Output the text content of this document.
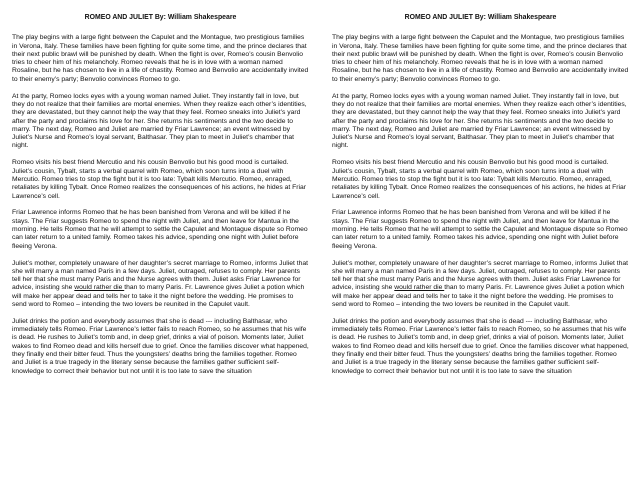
ROMEO AND JULIET By: William Shakespeare

The play begins with a large fight between the Capulet and the Montague, two prestigious families in Verona, Italy. These families have been fighting for quite some time, and the prince declares that their next public brawl will be punished by death. When the fight is over, Romeo’s cousin Benvolio tries to cheer him of his melancholy. Romeo reveals that he is in love with a woman named Rosaline, but he has chosen to live in a life of chastity. Romeo and Benvolio are accidentally invited to their enemy’s party; Benvolio convinces Romeo to go.

At the party, Romeo locks eyes with a young woman named Juliet. They instantly fall in love, but they do not realize that their families are mortal enemies. When they realize each other’s identities, they are devastated, but they cannot help the way that they feel. Romeo sneaks into Juliet’s yard after the party and proclaims his love for her. She returns his sentiments and the two decide to marry. The next day, Romeo and Juliet are married by Friar Lawrence; an event witnessed by Juliet’s Nurse and Romeo’s loyal servant, Balthasar. They plan to meet in Juliet’s chamber that night.

Romeo visits his best friend Mercutio and his cousin Benvolio but his good mood is curtailed. Juliet’s cousin, Tybalt, starts a verbal quarrel with Romeo, which soon turns into a duel with Mercutio. Romeo tries to stop the fight but it is too late: Tybalt kills Mercutio. Romeo, enraged, retaliates by killing Tybalt. Once Romeo realizes the consequences of his actions, he hides at Friar Lawrence’s cell.

Friar Lawrence informs Romeo that he has been banished from Verona and will be killed if he stays. The Friar suggests Romeo to spend the night with Juliet, and then leave for Mantua in the morning. He tells Romeo that he will attempt to settle the Capulet and Montague dispute so Romeo can later return to a united family. Romeo takes his advice, spending one night with Juliet before fleeing Verona.

Juliet’s mother, completely unaware of her daughter’s secret marriage to Romeo, informs Juliet that she will marry a man named Paris in a few days. Juliet, outraged, refuses to comply. Her parents tell her that she must marry Paris and the Nurse agrees with them. Juliet asks Friar Lawrence for advice, insisting she would rather die than to marry Paris. Fr. Lawrence gives Juliet a potion which will make her appear dead and tells her to take it the night before the wedding. He promises to send word to Romeo – intending the two lovers be reunited in the Capulet vault.

Juliet drinks the potion and everybody assumes that she is dead --- including Balthasar, who immediately tells Romeo. Friar Lawrence’s letter fails to reach Romeo, so he assumes that his wife is dead. He rushes to Juliet’s tomb and, in deep grief, drinks a vial of poison. Moments later, Juliet wakes to find Romeo dead and kills herself due to grief. Once the families discover what happened, they finally end their bitter feud. Thus the youngsters’ deaths bring the families together. Romeo and Juliet is a true tragedy in the literary sense because the families gather sufficient self-knowledge to correct their behavior but not until it is too late to save the situation

ROMEO AND JULIET By: William Shakespeare

The play begins with a large fight between the Capulet and the Montague, two prestigious families in Verona, Italy. These families have been fighting for quite some time, and the prince declares that their next public brawl will be punished by death. When the fight is over, Romeo’s cousin Benvolio tries to cheer him of his melancholy. Romeo reveals that he is in love with a woman named Rosaline, but he has chosen to live in a life of chastity. Romeo and Benvolio are accidentally invited to their enemy’s party; Benvolio convinces Romeo to go.

At the party, Romeo locks eyes with a young woman named Juliet. They instantly fall in love, but they do not realize that their families are mortal enemies. When they realize each other’s identities, they are devastated, but they cannot help the way that they feel. Romeo sneaks into Juliet’s yard after the party and proclaims his love for her. She returns his sentiments and the two decide to marry. The next day, Romeo and Juliet are married by Friar Lawrence; an event witnessed by Juliet’s Nurse and Romeo’s loyal servant, Balthasar. They plan to meet in Juliet’s chamber that night.

Romeo visits his best friend Mercutio and his cousin Benvolio but his good mood is curtailed. Juliet’s cousin, Tybalt, starts a verbal quarrel with Romeo, which soon turns into a duel with Mercutio. Romeo tries to stop the fight but it is too late: Tybalt kills Mercutio. Romeo, enraged, retaliates by killing Tybalt. Once Romeo realizes the consequences of his actions, he hides at Friar Lawrence’s cell.

Friar Lawrence informs Romeo that he has been banished from Verona and will be killed if he stays. The Friar suggests Romeo to spend the night with Juliet, and then leave for Mantua in the morning. He tells Romeo that he will attempt to settle the Capulet and Montague dispute so Romeo can later return to a united family. Romeo takes his advice, spending one night with Juliet before fleeing Verona.

Juliet’s mother, completely unaware of her daughter’s secret marriage to Romeo, informs Juliet that she will marry a man named Paris in a few days. Juliet, outraged, refuses to comply. Her parents tell her that she must marry Paris and the Nurse agrees with them. Juliet asks Friar Lawrence for advice, insisting she would rather die than to marry Paris. Fr. Lawrence gives Juliet a potion which will make her appear dead and tells her to take it the night before the wedding. He promises to send word to Romeo – intending the two lovers be reunited in the Capulet vault.

Juliet drinks the potion and everybody assumes that she is dead --- including Balthasar, who immediately tells Romeo. Friar Lawrence’s letter fails to reach Romeo, so he assumes that his wife is dead. He rushes to Juliet’s tomb and, in deep grief, drinks a vial of poison. Moments later, Juliet wakes to find Romeo dead and kills herself due to grief. Once the families discover what happened, they finally end their bitter feud. Thus the youngsters’ deaths bring the families together. Romeo and Juliet is a true tragedy in the literary sense because the families gather sufficient self-knowledge to correct their behavior but not until it is too late to save the situation
